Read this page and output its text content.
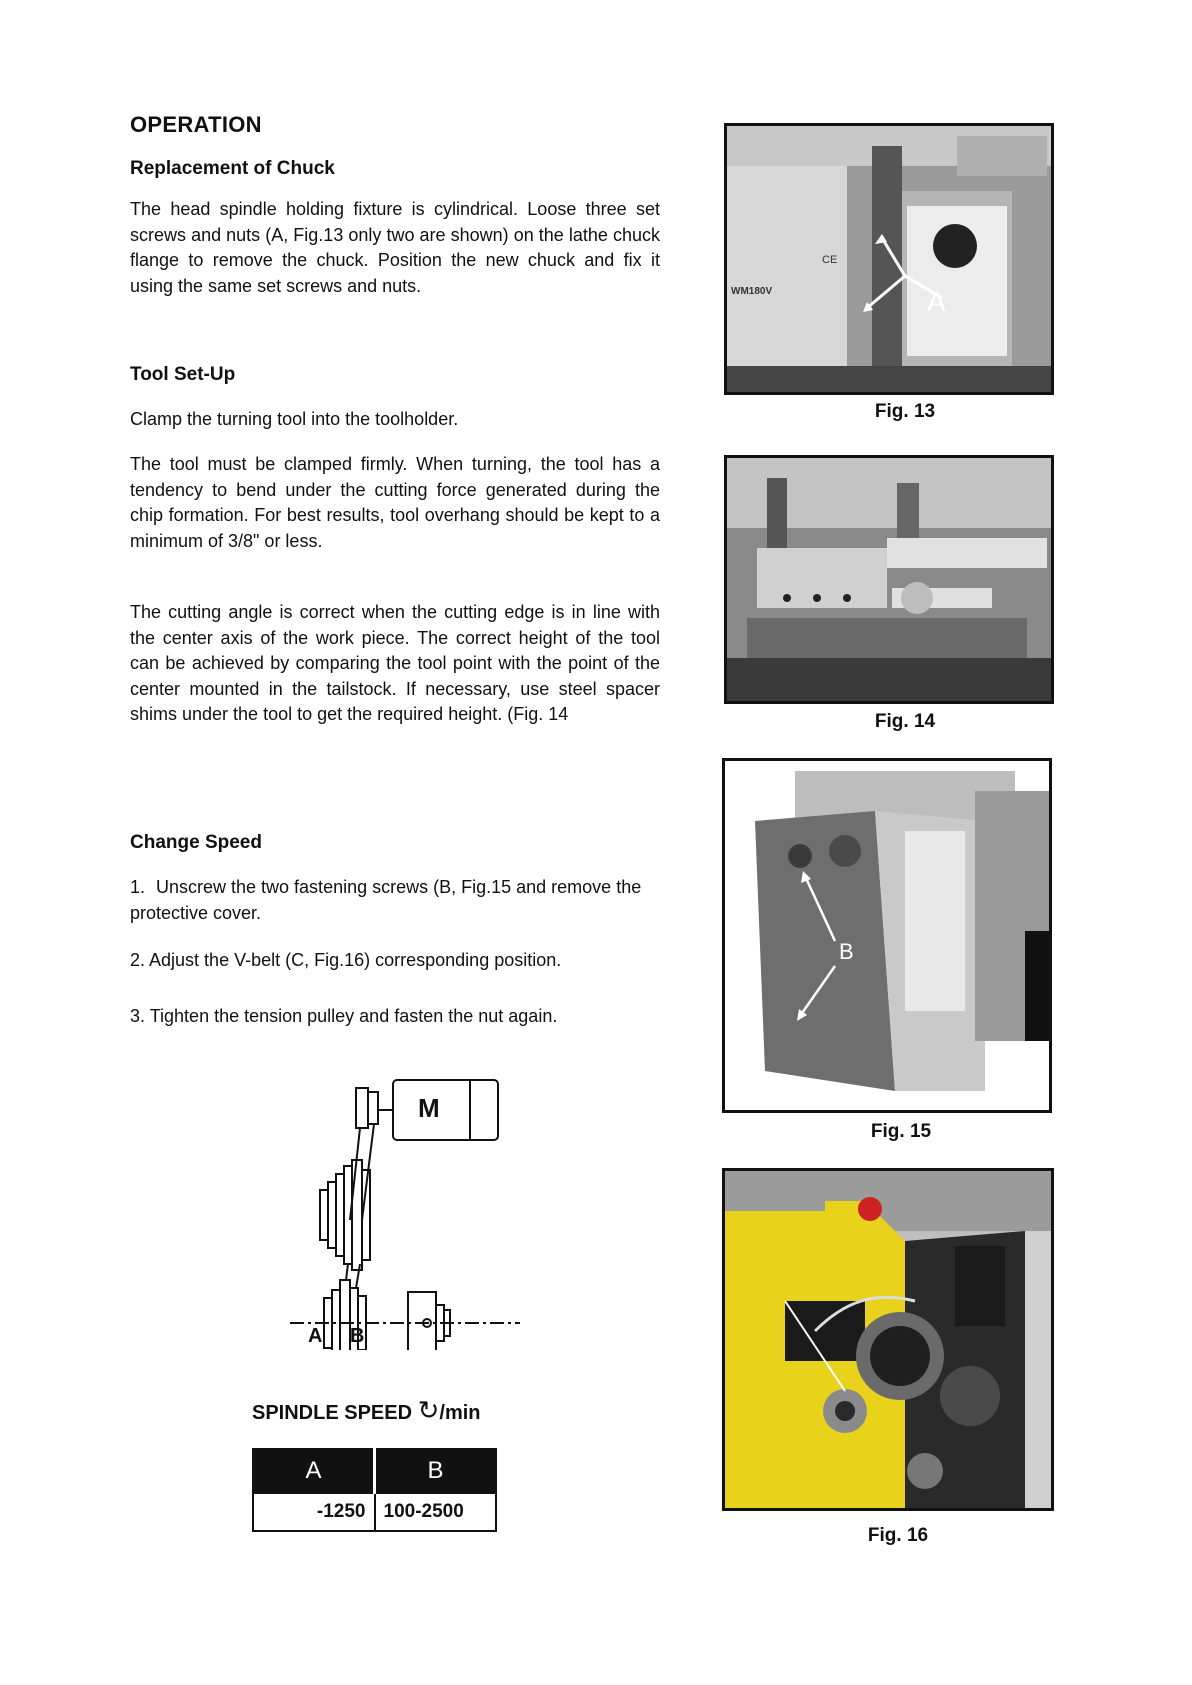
OPERATION
Replacement of Chuck

The head spindle holding fixture is cylindrical. Loose three set screws and nuts (A, Fig.13 only two are shown) on the lathe chuck flange to remove the chuck. Position the new chuck and fix it using the same set screws and nuts.

Tool Set-Up

Clamp the turning tool into the toolholder.

The tool must be clamped firmly. When turning, the tool has a tendency to bend under the cutting force generated during the chip formation. For best results, tool overhang should be kept to a minimum of 3/8" or less.

The cutting angle is correct when the cutting edge is in line with the center axis of the work piece. The correct height of the tool can be achieved by comparing the tool point with the point of the center mounted in the tailstock. If necessary, use steel spacer shims under the tool to get the required height. (Fig. 14

Change Speed
1. Unscrew the two fastening screws (B, Fig.15 and remove the protective cover.
2. Adjust the V-belt (C, Fig.16) corresponding position.
3. Tighten the tension pulley and fasten the nut again.
M
A B
SPINDLE SPEED ↻/min
A	B
-1250	100-2500
A
WM180V
CE
Fig. 13
Fig. 14
B
Fig. 15
Fig. 16
